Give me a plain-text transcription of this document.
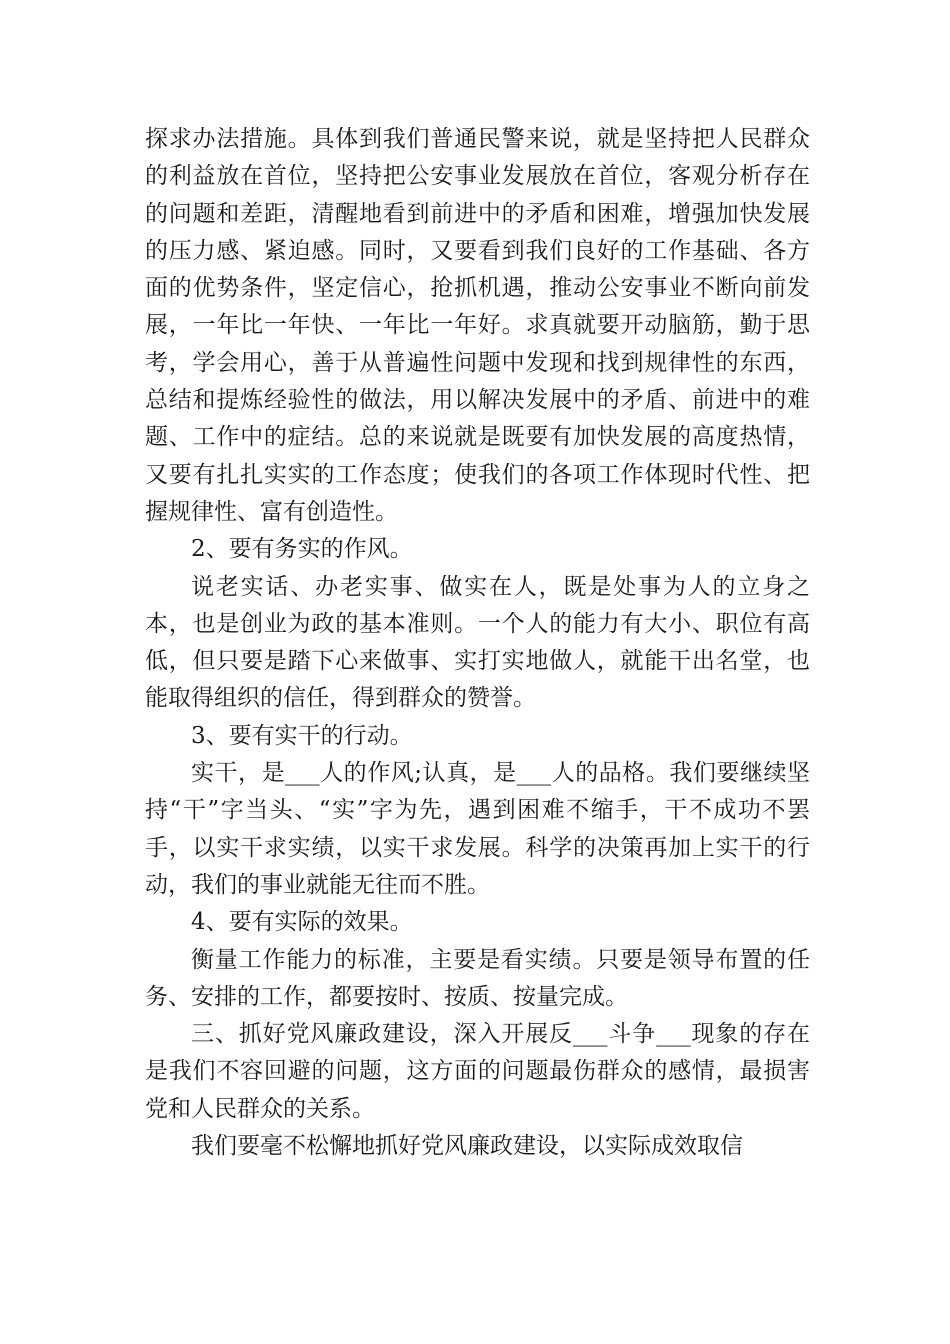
探求办法措施。具体到我们普通民警来说，就是坚持把人民群众的利益放在首位，坚持把公安事业发展放在首位，客观分析存在的问题和差距，清醒地看到前进中的矛盾和困难，增强加快发展的压力感、紧迫感。同时，又要看到我们良好的工作基础、各方面的优势条件，坚定信心，抢抓机遇，推动公安事业不断向前发展，一年比一年快、一年比一年好。求真就要开动脑筋，勤于思考，学会用心，善于从普遍性问题中发现和找到规律性的东西，总结和提炼经验性的做法，用以解决发展中的矛盾、前进中的难题、工作中的症结。总的来说就是既要有加快发展的高度热情，又要有扎扎实实的工作态度；使我们的各项工作体现时代性、把握规律性、富有创造性。

2、要有务实的作风。

说老实话、办老实事、做实在人，既是处事为人的立身之本，也是创业为政的基本准则。一个人的能力有大小、职位有高低，但只要是踏下心来做事、实打实地做人，就能干出名堂，也能取得组织的信任，得到群众的赞誉。

3、要有实干的行动。

实干，是___人的作风;认真，是___人的品格。我们要继续坚持“干”字当头、“实”字为先，遇到困难不缩手，干不成功不罢手，以实干求实绩，以实干求发展。科学的决策再加上实干的行动，我们的事业就能无往而不胜。

4、要有实际的效果。

衡量工作能力的标准，主要是看实绩。只要是领导布置的任务、安排的工作，都要按时、按质、按量完成。

三、抓好党风廉政建设，深入开展反___斗争___现象的存在是我们不容回避的问题，这方面的问题最伤群众的感情，最损害党和人民群众的关系。

我们要毫不松懈地抓好党风廉政建设，以实际成效取信
